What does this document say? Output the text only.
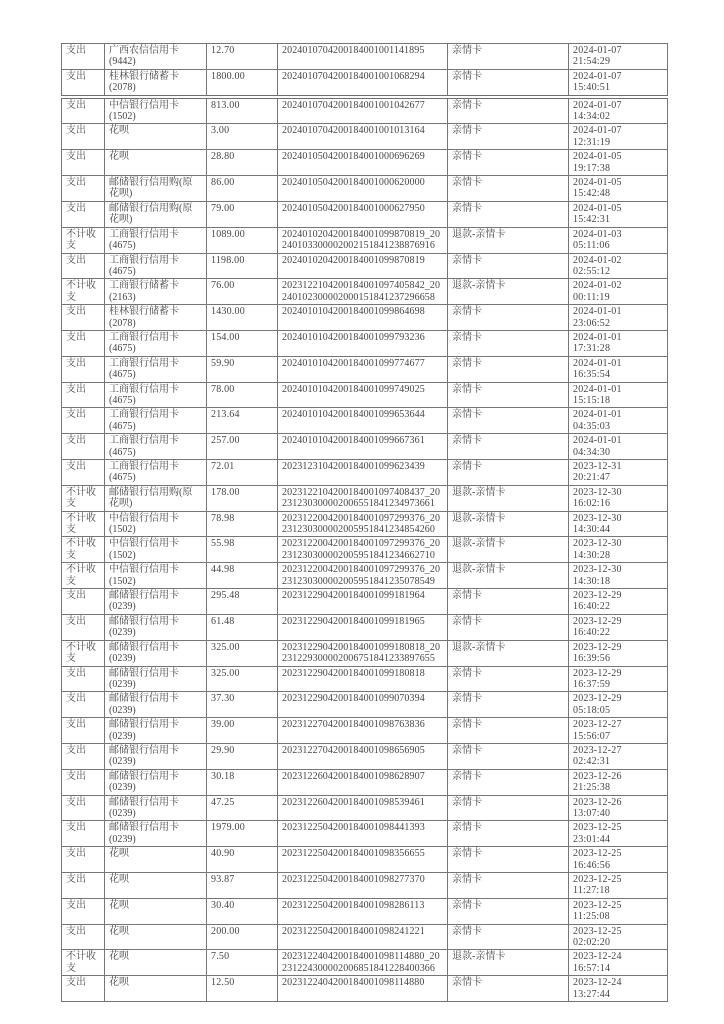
支出	广西农信信用卡(9442)	12.70	2024010704200184001001141895	亲情卡	2024-01-07
21:54:29

支出	桂林银行储蓄卡(2078)	1800.00	2024010704200184001001068294	亲情卡	2024-01-07
15:40:51

支出	中信银行信用卡(1502)	813.00	2024010704200184001001042677	亲情卡	2024-01-07
14:34:02

支出	花呗	3.00	2024010704200184001001013164	亲情卡	2024-01-07
12:31:19

支出	花呗	28.80	2024010504200184001000696269	亲情卡	2024-01-05
19:17:38

支出	邮储银行信用购(原花呗)	86.00	2024010504200184001000620000	亲情卡	2024-01-05
15:42:48

支出	邮储银行信用购(原花呗)	79.00	2024010504200184001000627950	亲情卡	2024-01-05
15:42:31

不计收支	工商银行信用卡(4675)	1089.00	2024010204200184001099870819_20240103300002002151841238876916	退款-亲情卡	2024-01-03
05:11:06

支出	工商银行信用卡(4675)	1198.00	2024010204200184001099870819	亲情卡	2024-01-02
02:55:12

不计收支	工商银行储蓄卡(2163)	76.00	2023122104200184001097405842_20240102300002000151841237296658	退款-亲情卡	2024-01-02
00:11:19

支出	桂林银行储蓄卡(2078)	1430.00	2024010104200184001099864698	亲情卡	2024-01-01
23:06:52

支出	工商银行信用卡(4675)	154.00	2024010104200184001099793236	亲情卡	2024-01-01
17:31:28

支出	工商银行信用卡(4675)	59.90	2024010104200184001099774677	亲情卡	2024-01-01
16:35:54

支出	工商银行信用卡(4675)	78.00	2024010104200184001099749025	亲情卡	2024-01-01
15:15:18

支出	工商银行信用卡(4675)	213.64	2024010104200184001099653644	亲情卡	2024-01-01
04:35:03

支出	工商银行信用卡(4675)	257.00	2024010104200184001099667361	亲情卡	2024-01-01
04:34:30

支出	工商银行信用卡(4675)	72.01	2023123104200184001099623439	亲情卡	2023-12-31
20:21:47

不计收支	邮储银行信用购(原花呗)	178.00	2023122104200184001097408437_20231230300002006551841234973661	退款-亲情卡	2023-12-30
16:02:16

不计收支	中信银行信用卡(1502)	78.98	2023122004200184001097299376_20231230300002005951841234854260	退款-亲情卡	2023-12-30
14:30:44

不计收支	中信银行信用卡(1502)	55.98	2023122004200184001097299376_20231230300002005951841234662710	退款-亲情卡	2023-12-30
14:30:28

不计收支	中信银行信用卡(1502)	44.98	2023122004200184001097299376_20231230300002005951841235078549	退款-亲情卡	2023-12-30
14:30:18

支出	邮储银行信用卡(0239)	295.48	2023122904200184001099181964	亲情卡	2023-12-29
16:40:22

支出	邮储银行信用卡(0239)	61.48	2023122904200184001099181965	亲情卡	2023-12-29
16:40:22

不计收支	邮储银行信用卡(0239)	325.00	2023122904200184001099180818_20231229300002006751841233897655	退款-亲情卡	2023-12-29
16:39:56

支出	邮储银行信用卡(0239)	325.00	2023122904200184001099180818	亲情卡	2023-12-29
16:37:59

支出	邮储银行信用卡(0239)	37.30	2023122904200184001099070394	亲情卡	2023-12-29
05:18:05

支出	邮储银行信用卡(0239)	39.00	2023122704200184001098763836	亲情卡	2023-12-27
15:56:07

支出	邮储银行信用卡(0239)	29.90	2023122704200184001098656905	亲情卡	2023-12-27
02:42:31

支出	邮储银行信用卡(0239)	30.18	2023122604200184001098628907	亲情卡	2023-12-26
21:25:38

支出	邮储银行信用卡(0239)	47.25	2023122604200184001098539461	亲情卡	2023-12-26
13:07:40

支出	邮储银行信用卡(0239)	1979.00	2023122504200184001098441393	亲情卡	2023-12-25
23:01:44

支出	花呗	40.90	2023122504200184001098356655	亲情卡	2023-12-25
16:46:56

支出	花呗	93.87	2023122504200184001098277370	亲情卡	2023-12-25
11:27:18

支出	花呗	30.40	2023122504200184001098286113	亲情卡	2023-12-25
11:25:08

支出	花呗	200.00	2023122504200184001098241221	亲情卡	2023-12-25
02:02:20

不计收支	花呗	7.50	2023122404200184001098114880_20231224300002006851841228400366	退款-亲情卡	2023-12-24
16:57:14

支出	花呗	12.50	2023122404200184001098114880	亲情卡	2023-12-24
13:27:44
